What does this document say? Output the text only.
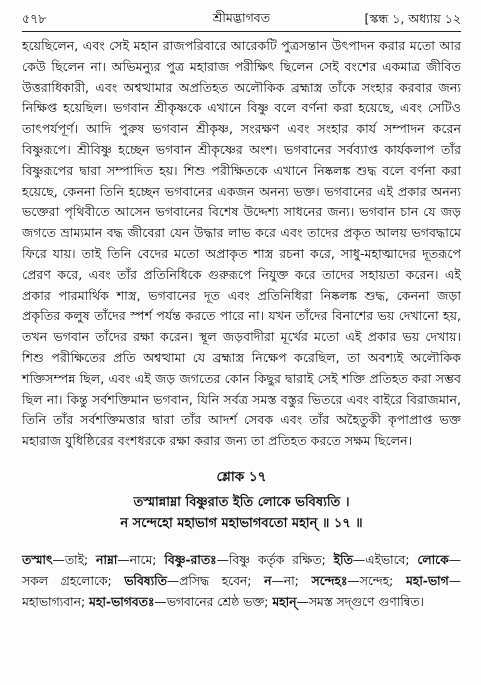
৫৭৮	শ্রীমদ্ভাগবত	[স্কন্ধ ১, অধ্যায় ১২

হয়েছিলেন, এবং সেই মহান রাজপরিবারে আরেকটি পুত্রসন্তান উৎপাদন করার মতো আর কেউ ছিলেন না। অভিমন্যুর পুত্র মহারাজ পরীক্ষিৎ ছিলেন সেই বংশের একমাত্র জীবিত উত্তরাধিকারী, এবং অশ্বত্থামার অপ্রতিহত অলৌকিক ব্রহ্মাস্ত্র তাঁকে সংহার করবার জন্য নিক্ষিপ্ত হয়েছিল। ভগবান শ্রীকৃষ্ণকে এখানে বিষ্ণু বলে বর্ণনা করা হয়েছে, এবং সেটিও তাৎপর্যপূর্ণ। আদি পুরুষ ভগবান শ্রীকৃষ্ণ, সংরক্ষণ এবং সংহার কার্য সম্পাদন করেন বিষ্ণুরূপে। শ্রীবিষ্ণু হচ্ছেন ভগবান শ্রীকৃষ্ণের অংশ। ভগবানের সর্বব্যাপ্ত কার্যকলাপ তাঁর বিষ্ণুরূপের দ্বারা সম্পাদিত হয়। শিশু পরীক্ষিতকে এখানে নিষ্কলঙ্ক শুদ্ধ বলে বর্ণনা করা হয়েছে, কেননা তিনি হচ্ছেন ভগবানের একজন অনন্য ভক্ত। ভগবানের এই প্রকার অনন্য ভক্তেরা পৃথিবীতে আসেন ভগবানের বিশেষ উদ্দেশ্য সাধনের জন্য। ভগবান চান যে জড় জগতে ভ্রাম্যমান বদ্ধ জীবেরা যেন উদ্ধার লাভ করে এবং তাদের প্রকৃত আলয় ভগবদ্ধামে ফিরে যায়। তাই তিনি বেদের মতো অপ্রাকৃত শাস্ত্র রচনা করে, সাধু-মহাত্মাদের দূতরূপে প্রেরণ করে, এবং তাঁর প্রতিনিধিকে গুরুরূপে নিযুক্ত করে তাদের সহায়তা করেন। এই প্রকার পারমার্থিক শাস্ত্র, ভগবানের দূত এবং প্রতিনিধিরা নিষ্কলঙ্ক শুদ্ধ, কেননা জড়া প্রকৃতির কলুষ তাঁদের স্পর্শ পর্যন্ত করতে পারে না। যখন তাঁদের বিনাশের ভয় দেখানো হয়, তখন ভগবান তাঁদের রক্ষা করেন। স্থূল জড়বাদীরা মূর্খের মতো এই প্রকার ভয় দেখায়। শিশু পরীক্ষিতের প্রতি অশ্বত্থামা যে ব্রহ্মাস্ত্র নিক্ষেপ করেছিল, তা অবশ্যই অলৌকিক শক্তিসম্পন্ন ছিল, এবং এই জড় জগতের কোন কিছুর দ্বারাই সেই শক্তি প্রতিহত করা সম্ভব ছিল না। কিন্তু সর্বশক্তিমান ভগবান, যিনি সর্বত্র সমস্ত বস্তুর ভিতরে এবং বাইরে বিরাজমান, তিনি তাঁর সর্বশক্তিমত্তার দ্বারা তাঁর আদর্শ সেবক এবং তাঁর অহৈতুকী কৃপাপ্রাপ্ত ভক্ত মহারাজ যুধিষ্ঠিরের বংশধরকে রক্ষা করার জন্য তা প্রতিহত করতে সক্ষম ছিলেন।

শ্লোক ১৭
তস্মান্নাম্না বিষ্ণুরাত ইতি লোকে ভবিষ্যতি ।
ন সন্দেহো মহাভাগ মহাভাগবতো মহান্‌ ॥ ১৭ ॥
তস্মাৎ—তাই; নাম্না—নামে; বিষ্ণু-রাতঃ—বিষ্ণু কর্তৃক রক্ষিত; ইতি—এইভাবে; লোকে—সকল গ্রহলোকে; ভবিষ্যতি—প্রসিদ্ধ হবেন; ন—না; সন্দেহঃ—সন্দেহ; মহা-ভাগ—মহাভাগ্যবান; মহা-ভাগবতঃ—ভগবানের শ্রেষ্ঠ ভক্ত; মহান্‌—সমস্ত সদ্‌গুণে গুণান্বিত।
